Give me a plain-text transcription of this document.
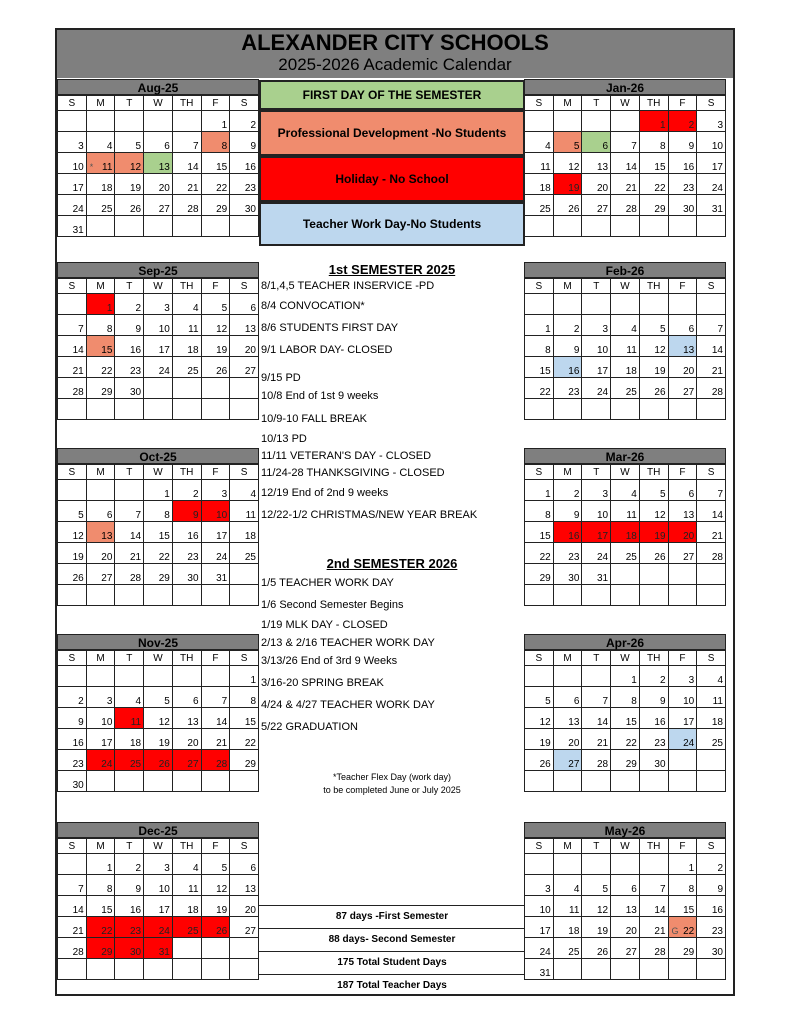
ALEXANDER CITY SCHOOLS
2025-2026 Academic Calendar
Aug-25
S	M	T	W	TH	F	S
					1	2
3	4	5	6	7	8	9
10	* 11	12	13	14	15	16
17	18	19	20	21	22	23
24	25	26	27	28	29	30
31						
Sep-25
S	M	T	W	TH	F	S
	1	2	3	4	5	6
7	8	9	10	11	12	13
14	15	16	17	18	19	20
21	22	23	24	25	26	27
28	29	30				

Oct-25
S	M	T	W	TH	F	S
			1	2	3	4
5	6	7	8	9	10	11
12	13	14	15	16	17	18
19	20	21	22	23	24	25
26	27	28	29	30	31	

Nov-25
S	M	T	W	TH	F	S
						1
2	3	4	5	6	7	8
9	10	11	12	13	14	15
16	17	18	19	20	21	22
23	24	25	26	27	28	29
30						
Dec-25
S	M	T	W	TH	F	S
	1	2	3	4	5	6
7	8	9	10	11	12	13
14	15	16	17	18	19	20
21	22	23	24	25	26	27
28	29	30	31			

Jan-26
S	M	T	W	TH	F	S
				1	2	3
4	5	6	7	8	9	10
11	12	13	14	15	16	17
18	19	20	21	22	23	24
25	26	27	28	29	30	31

Feb-26
S	M	T	W	TH	F	S

1	2	3	4	5	6	7
8	9	10	11	12	13	14
15	16	17	18	19	20	21
22	23	24	25	26	27	28

Mar-26
S	M	T	W	TH	F	S
1	2	3	4	5	6	7
8	9	10	11	12	13	14
15	16	17	18	19	20	21
22	23	24	25	26	27	28
29	30	31				

Apr-26
S	M	T	W	TH	F	S
			1	2	3	4
5	6	7	8	9	10	11
12	13	14	15	16	17	18
19	20	21	22	23	24	25
26	27	28	29	30		

May-26
S	M	T	W	TH	F	S
					1	2
3	4	5	6	7	8	9
10	11	12	13	14	15	16
17	18	19	20	21	G 22	23
24	25	26	27	28	29	30
31						
FIRST DAY OF THE SEMESTER
Professional Development -No Students
Holiday - No School
Teacher Work Day-No Students
1st SEMESTER 2025
8/1,4,5 TEACHER INSERVICE -PD
8/4 CONVOCATION*
8/6 STUDENTS FIRST DAY
9/1 LABOR DAY- CLOSED
9/15 PD
10/8 End of 1st 9 weeks
10/9-10 FALL BREAK
10/13 PD
11/11 VETERAN'S DAY - CLOSED
11/24-28 THANKSGIVING - CLOSED
12/19 End of 2nd 9 weeks
12/22-1/2 CHRISTMAS/NEW YEAR BREAK
2nd SEMESTER 2026
1/5 TEACHER WORK DAY
1/6 Second Semester Begins
1/19 MLK DAY - CLOSED
2/13 & 2/16 TEACHER WORK DAY
3/13/26 End of 3rd 9 Weeks
3/16-20 SPRING BREAK
4/24 & 4/27 TEACHER WORK DAY
5/22 GRADUATION
*Teacher Flex Day (work day)
to be completed June or July 2025
87 days -First Semester
88 days- Second Semester
175 Total Student Days
187 Total Teacher Days
